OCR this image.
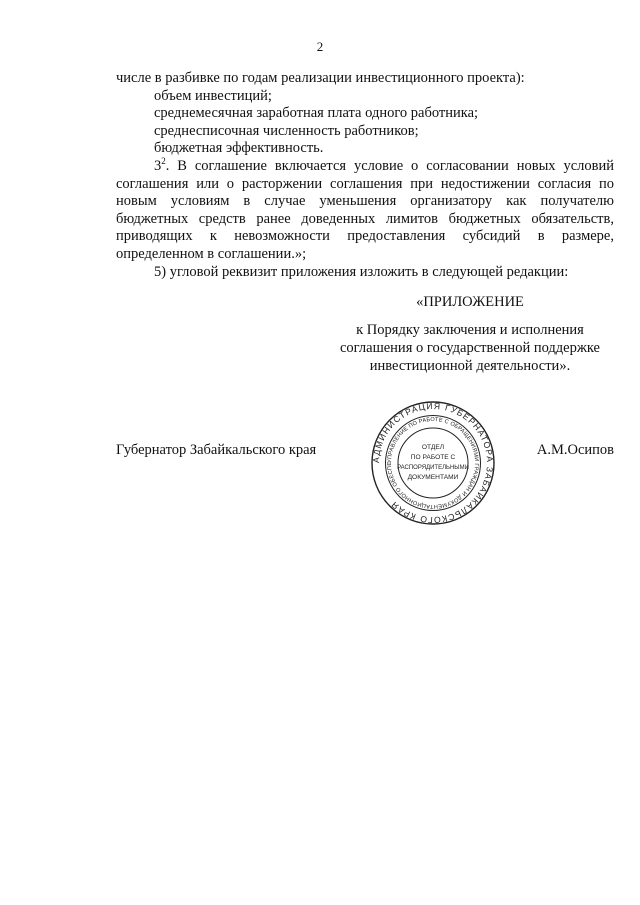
2
числе в разбивке по годам реализации инвестиционного проекта):
объем инвестиций;
среднемесячная заработная плата одного работника;
среднесписочная численность работников;
бюджетная эффективность.
$3^2$. В соглашение включается условие о согласовании новых условий
соглашения или о расторжении соглашения при недостижении согласия по
новым условиям в случае уменьшения организатору как получателю
бюджетных средств ранее доведенных лимитов бюджетных обязательств,
приводящих к невозможности предоставления субсидий в размере,
определенном в соглашении.»;
5) угловой реквизит приложения изложить в следующей редакции:
«ПРИЛОЖЕНИЕ
к Порядку заключения и исполнения
соглашения о государственной поддержке
инвестиционной деятельности».
Губернатор Забайкальского края	А.М.Осипов
АДМИНИСТРАЦИЯ ГУБЕРНАТОРА ЗАБАЙКАЛЬСКОГО КРАЯ
УПРАВЛЕНИЕ ПО РАБОТЕ С ОБРАЩЕНИЯМИ ГРАЖДАН И ДОКУМЕНТАЦИОННОГО ОБЕСПЕ
ОТДЕЛ
ПО РАБОТЕ С
РАСПОРЯДИТЕЛЬНЫМИ
ДОКУМЕНТАМИ
